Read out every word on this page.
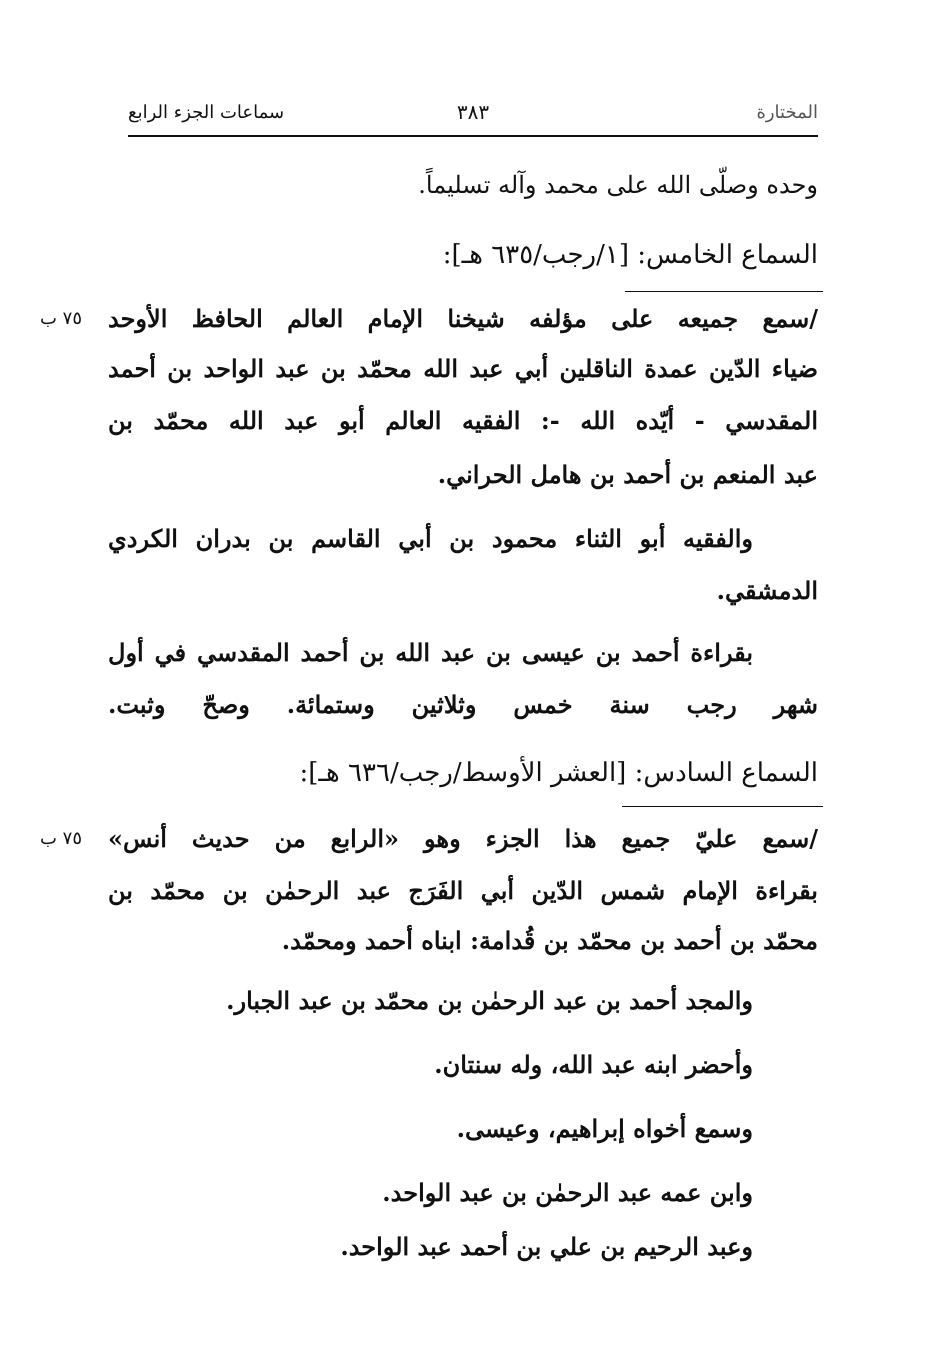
المختارة
٣٨٣
سماعات الجزء الرابع
وحده وصلّى الله على محمد وآله تسليماً.
السماع الخامس: [١/رجب/٦٣٥ هـ]:
/سمع جميعه على مؤلفه شيخنا الإمام العالم الحافظ الأوحد
٧٥ ب
ضياء الدّين عمدة الناقلين أبي عبد الله محمّد بن عبد الواحد بن أحمد
المقدسي - أيّده الله -: الفقيه العالم أبو عبد الله محمّد بن
عبد المنعم بن أحمد بن هامل الحراني.
والفقيه أبو الثناء محمود بن أبي القاسم بن بدران الكردي
الدمشقي.
بقراءة أحمد بن عيسى بن عبد الله بن أحمد المقدسي في أول
شهر رجب سنة خمس وثلاثين وستمائة. وصحّ وثبت.
السماع السادس: [العشر الأوسط/رجب/٦٣٦ هـ]:
/سمع عليّ جميع هذا الجزء وهو «الرابع من حديث أنس»
٧٥ ب
بقراءة الإمام شمس الدّين أبي الفَرَج عبد الرحمٰن بن محمّد بن
محمّد بن أحمد بن محمّد بن قُدامة: ابناه أحمد ومحمّد.
والمجد أحمد بن عبد الرحمٰن بن محمّد بن عبد الجبار.
وأحضر ابنه عبد الله، وله سنتان.
وسمع أخواه إبراهيم، وعيسى.
وابن عمه عبد الرحمٰن بن عبد الواحد.
وعبد الرحيم بن علي بن أحمد عبد الواحد.
